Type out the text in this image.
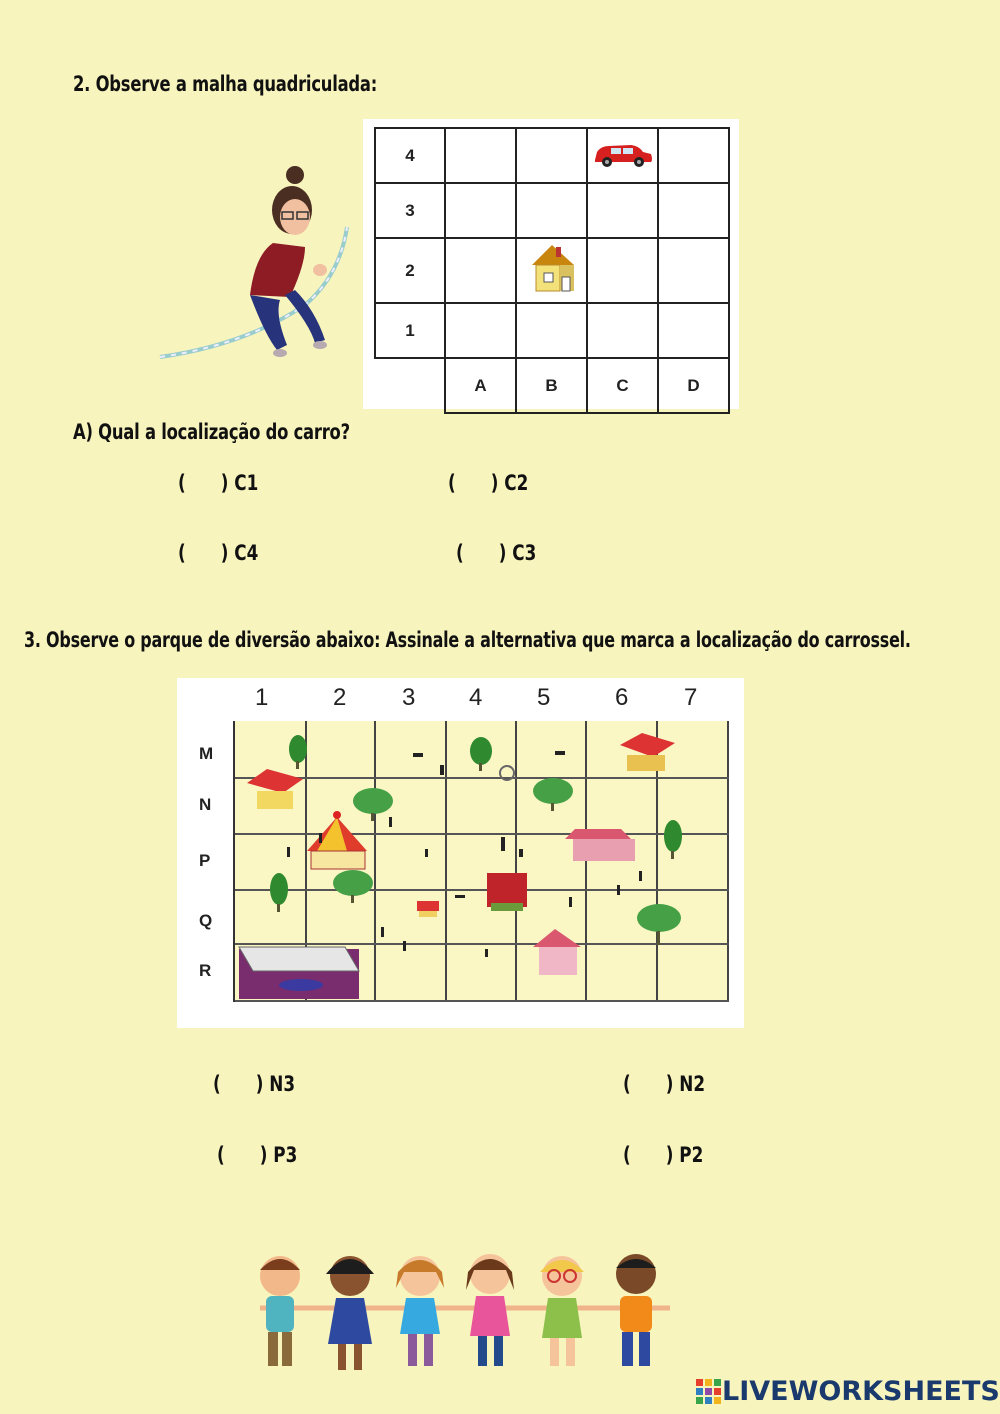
2. Observe a malha quadriculada:
4				
3				
2				
1				
	A	B	C	D
A) Qual a localização do carro?
(      ) C1	(      ) C2
(      ) C4	(      ) C3
3. Observe o parque de diversão abaixo: Assinale a alternativa que marca a localização do carrossel.
1	2 3 4 5	6 7
M
N
P
Q
R
(      ) N3	(      ) N2
(      ) P3	(      ) P2
LIVEWORKSHEETS
